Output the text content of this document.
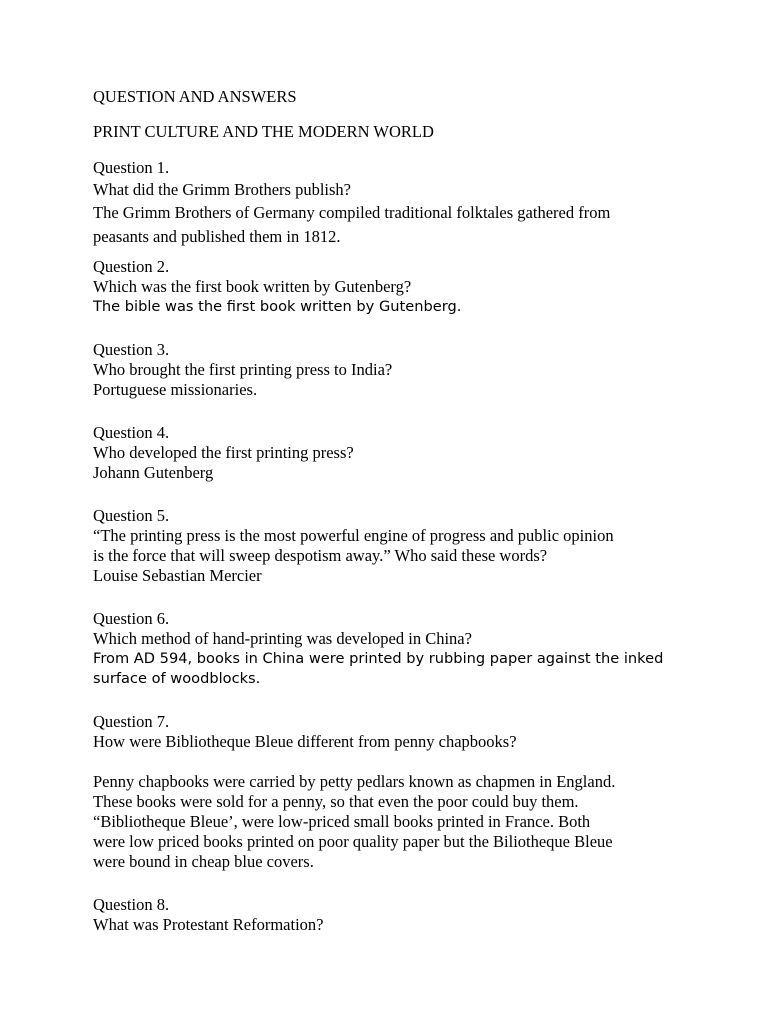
QUESTION AND ANSWERS

PRINT CULTURE AND THE MODERN WORLD

Question 1.
What did the Grimm Brothers publish?
The Grimm Brothers of Germany compiled traditional folktales gathered from
peasants and published them in 1812.
Question 2.
Which was the first book written by Gutenberg?
The bible was the first book written by Gutenberg.
Question 3.
Who brought the first printing press to India?
Portuguese missionaries.
Question 4.
Who developed the first printing press?
Johann Gutenberg
Question 5.
“The printing press is the most powerful engine of progress and public opinion
is the force that will sweep despotism away.” Who said these words?
Louise Sebastian Mercier
Question 6.
Which method of hand-printing was developed in China?
From AD 594, books in China were printed by rubbing paper against the inked
surface of woodblocks.
Question 7.
How were Bibliotheque Bleue different from penny chapbooks?
Penny chapbooks were carried by petty pedlars known as chapmen in England.
These books were sold for a penny, so that even the poor could buy them.
“Bibliotheque Bleue’, were low-priced small books printed in France. Both
were low priced books printed on poor quality paper but the Biliotheque Bleue
were bound in cheap blue covers.
Question 8.
What was Protestant Reformation?
